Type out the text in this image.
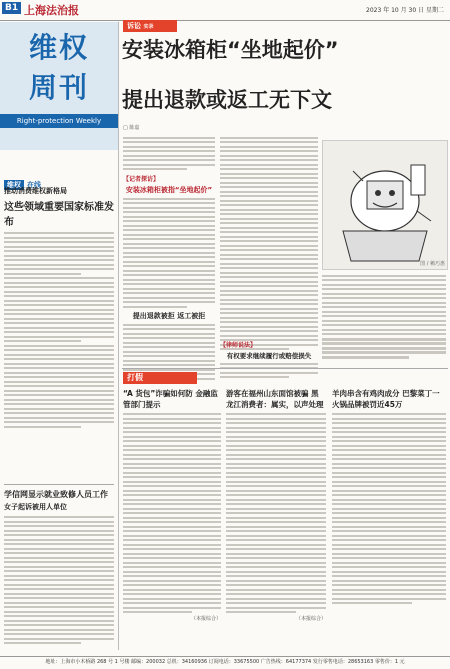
B1 上海法治报	2023 年 10 月 30 日 星期二
维权
周刊
Right-protection Weekly
维权 在线
推动消费维权新格局
这些领域重要国家标准发布
学信网显示就业致修人员工作
女子起诉被用人单位
诉讼 实录
安装冰箱柜“坐地起价”
提出退款或返工无下文
□ 陈嘉
【记者探访】
安装冰箱柜被指“坐地起价”
提出退款被拒 返工被拒
图 / 赖巧惠
【律师说法】
有权要求继续履行或赔偿损失
打假
“A 货包”诈骗如何防 金融监管部门提示
（本报综合）
游客在福州山东面馆被骗 黑龙江消费者：属实，以声处理
（本报综合）
羊肉串含有鸡肉成分 巴黎菜丁一火锅品牌被罚近45万
地址：上海市小木桥路 268 号 1 号楼 邮编：200032 总机：34160936 订阅电话：33675500 广告热线：64177374 发行零售电话：28653163 零售价：1 元
